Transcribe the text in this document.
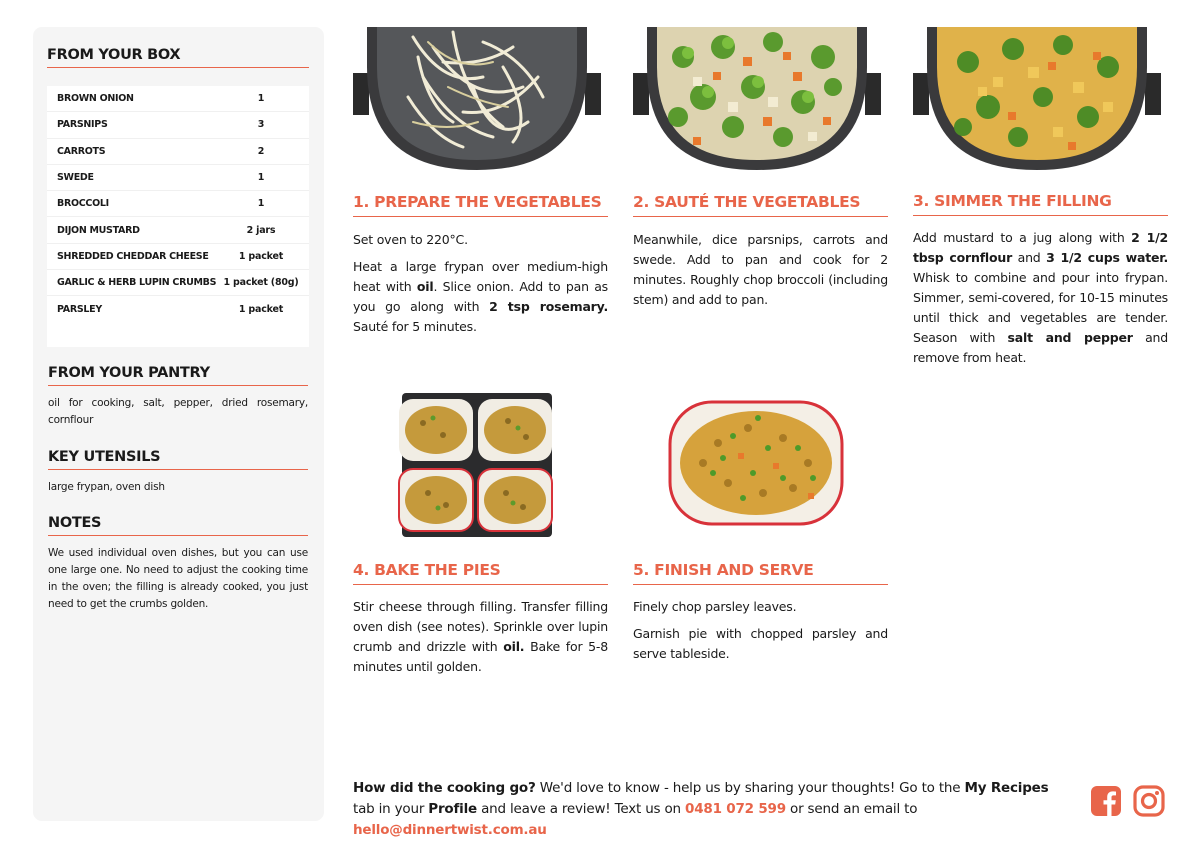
FROM YOUR BOX
BROWN ONION	1
PARSNIPS	3
CARROTS	2
SWEDE	1
BROCCOLI	1
DIJON MUSTARD	2 jars
SHREDDED CHEDDAR CHEESE	1 packet
GARLIC & HERB LUPIN CRUMBS 1 packet (80g)
PARSLEY	1 packet
FROM YOUR PANTRY
oil for cooking, salt, pepper, dried rosemary, cornflour
KEY UTENSILS
large frypan, oven dish
NOTES
We used individual oven dishes, but you can use one large one. No need to adjust the cooking time in the oven; the filling is already cooked, you just need to get the crumbs golden.
1. PREPARE THE VEGETABLES

Set oven to 220°C.

Heat a large frypan over medium-high heat with oil. Slice onion. Add to pan as you go along with 2 tsp rosemary. Sauté for 5 minutes.

2. SAUTÉ THE VEGETABLES

Meanwhile, dice parsnips, carrots and swede. Add to pan and cook for 2 minutes. Roughly chop broccoli (including stem) and add to pan.

3. SIMMER THE FILLING

Add mustard to a jug along with 2 1/2 tbsp cornflour and 3 1/2 cups water. Whisk to combine and pour into frypan. Simmer, semi-covered, for 10-15 minutes until thick and vegetables are tender. Season with salt and pepper and remove from heat.

4. BAKE THE PIES

Stir cheese through filling. Transfer filling oven dish (see notes). Sprinkle over lupin crumb and drizzle with oil. Bake for 5-8 minutes until golden.

5. FINISH AND SERVE

Finely chop parsley leaves.

Garnish pie with chopped parsley and serve tableside.

How did the cooking go? We'd love to know - help us by sharing your thoughts! Go to the My Recipes tab in your Profile and leave a review! Text us on 0481 072 599 or send an email to hello@dinnertwist.com.au
